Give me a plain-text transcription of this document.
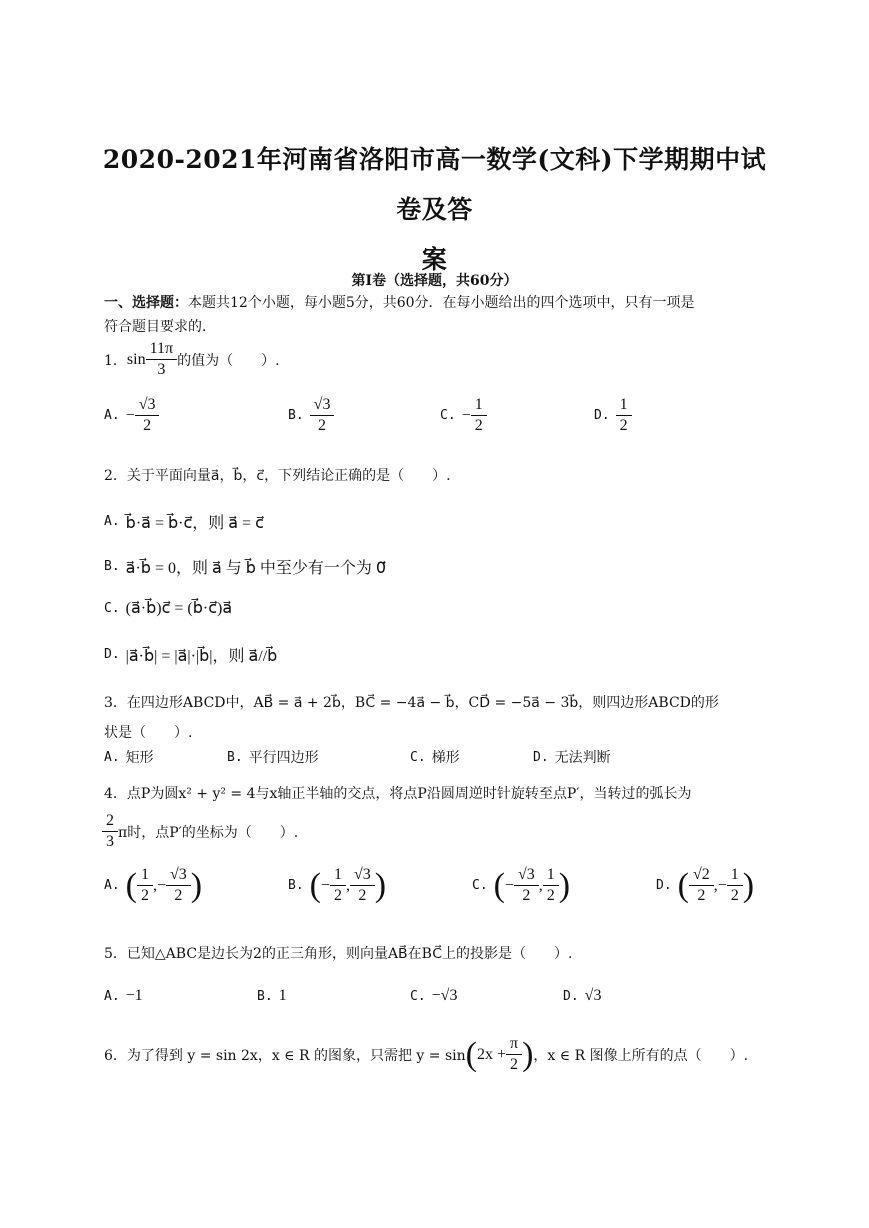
2020-2021年河南省洛阳市高一数学(文科)下学期期中试卷及答
案
第Ⅰ卷（选择题，共60分）
一、选择题：本题共12个小题，每小题5分，共60分．在每小题给出的四个选项中，只有一项是
符合题目要求的．
1． $\sin \frac{11\pi}{3}$ 的值为（　　）.
A. − $\frac{√3}{2}$	B. $\frac{√3}{2}$	C. − $\frac{1}{2}$	D. $\frac{1}{2}$
2．关于平面向量a⃗，b⃗，c⃗，下列结论正确的是（　　）.
A. b⃗·a⃗ = b⃗·c⃗，则 a⃗ = c⃗
B. a⃗·b⃗ = 0，则 a⃗ 与 b⃗ 中至少有一个为 0⃗
C. (a⃗·b⃗)c⃗ = (b⃗·c⃗)a⃗
D. |a⃗·b⃗| = |a⃗|·|b⃗|，则 a⃗//b⃗
3．在四边形ABCD中，AB⃗ = a⃗ + 2b⃗，BC⃗ = −4a⃗ − b⃗，CD⃗ = −5a⃗ − 3b⃗，则四边形ABCD的形
状是（　　）.
A. 矩形	B. 平行四边形	C. 梯形	D. 无法判断
4．点P为圆x² + y² = 4与x轴正半轴的交点，将点P沿圆周逆时针旋转至点P′，当转过的弧长为
$\frac{2}{3}$ π时，点P′的坐标为（　　）.
A. ( $\frac{1}{2}$ , − $\frac{√3}{2}$ )	B. ( − $\frac{1}{2}$ , $\frac{√3}{2}$ )	C. ( − $\frac{√3}{2}$ , $\frac{1}{2}$ )	D. ( $\frac{√2}{2}$ , − $\frac{1}{2}$ )
5．已知△ABC是边长为2的正三角形，则向量AB⃗在BC⃗上的投影是（　　）.
A. −1	B. 1	C. −√3	D. √3
6．为了得到 y = sin 2x，x ∈ R 的图象，只需把 y = sin ( $2x + \frac{\pi}{2}$ ) ，x ∈ R 图像上所有的点（　　）.
